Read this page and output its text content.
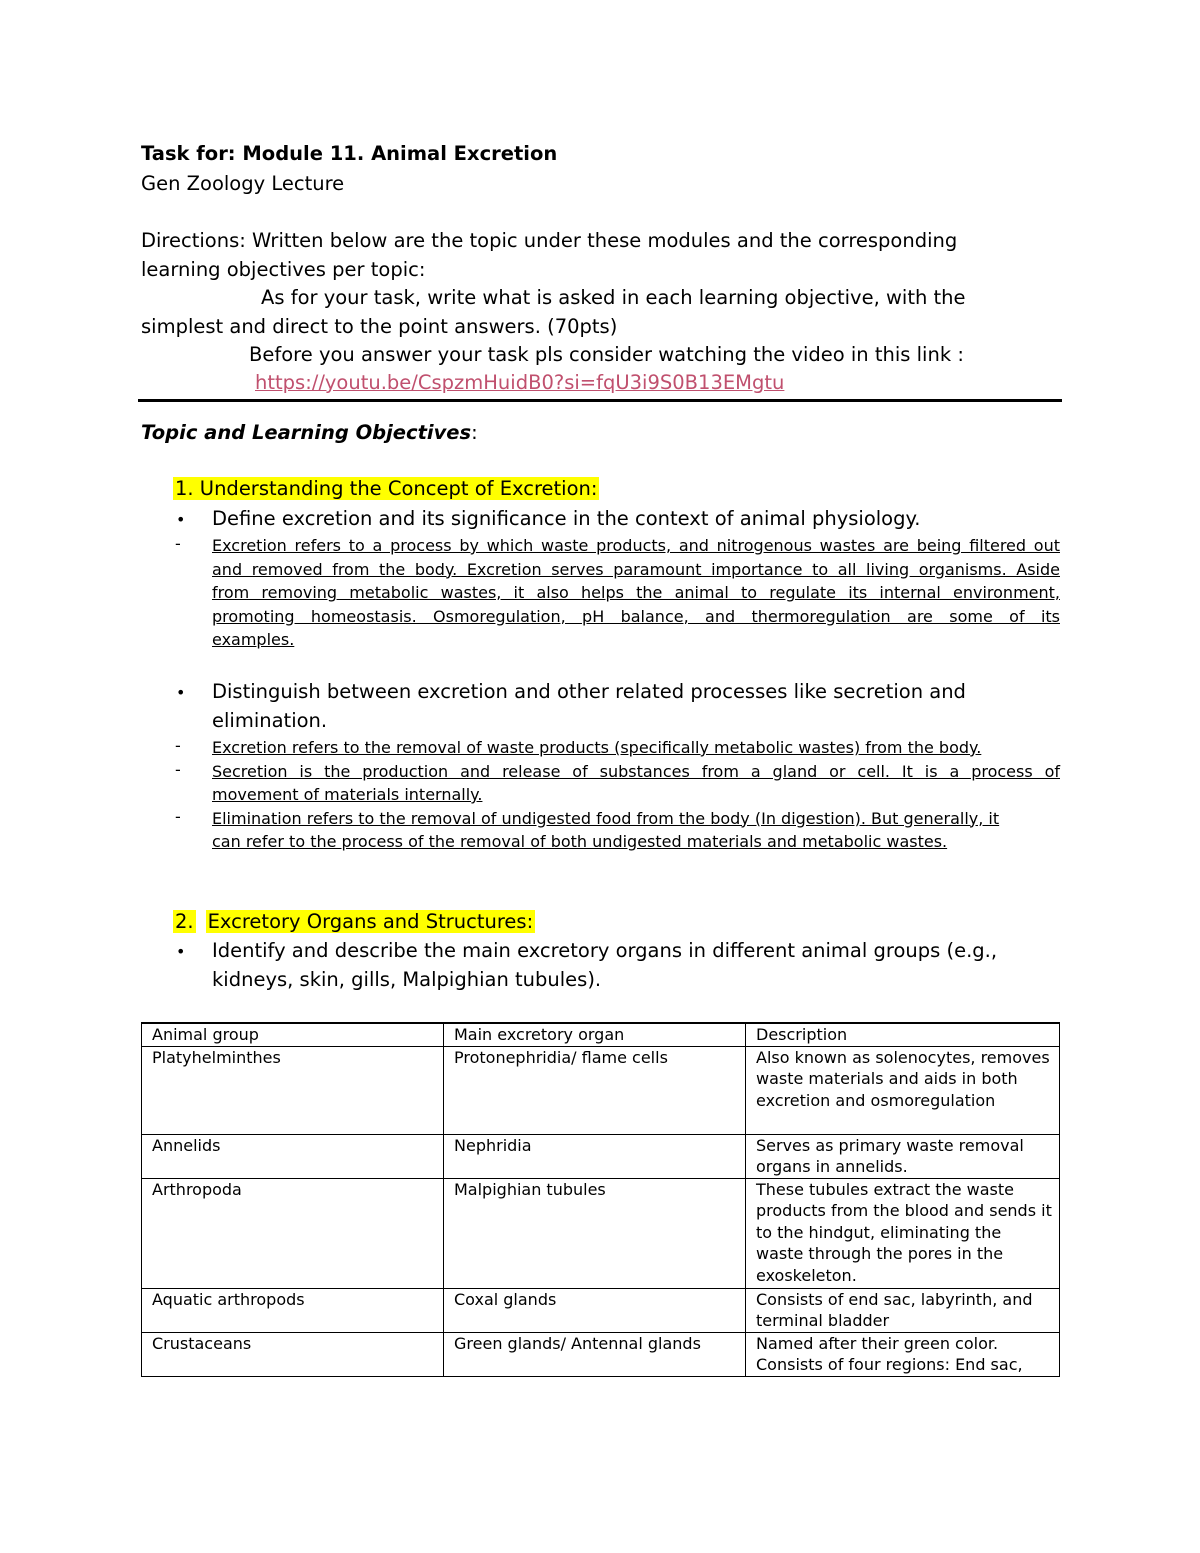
Task for: Module 11. Animal Excretion
Gen Zoology Lecture
Directions: Written below are the topic under these modules and the corresponding
learning objectives per topic:
As for your task, write what is asked in each learning objective, with the
simplest and direct to the point answers. (70pts)
Before you answer your task pls consider watching the video in this link :
https://youtu.be/CspzmHuidB0?si=fqU3i9S0B13EMgtu
Topic and Learning Objectives:
1. Understanding the Concept of Excretion:
• Define excretion and its significance in the context of animal physiology.
- Excretion refers to a process by which waste products, and nitrogenous wastes are being filtered out
and removed from the body. Excretion serves paramount importance to all living organisms. Aside
from removing metabolic wastes, it also helps the animal to regulate its internal environment,
promoting homeostasis. Osmoregulation, pH balance, and thermoregulation are some of its
examples.
• Distinguish between excretion and other related processes like secretion and
elimination.
- Excretion refers to the removal of waste products (specifically metabolic wastes) from the body.
- Secretion is the production and release of substances from a gland or cell. It is a process of
movement of materials internally.
- Elimination refers to the removal of undigested food from the body (In digestion). But generally, it
can refer to the process of the removal of both undigested materials and metabolic wastes.
2. Excretory Organs and Structures:
• Identify and describe the main excretory organs in different animal groups (e.g.,
kidneys, skin, gills, Malpighian tubules).
Animal group	Main excretory organ	Description
Platyhelminthes	Protonephridia/ flame cells	Also known as solenocytes, removes waste materials and aids in both excretion and osmoregulation
Annelids	Nephridia	Serves as primary waste removal organs in annelids.
Arthropoda	Malpighian tubules	These tubules extract the waste products from the blood and sends it to the hindgut, eliminating the waste through the pores in the exoskeleton.
Aquatic arthropods	Coxal glands	Consists of end sac, labyrinth, and terminal bladder
Crustaceans	Green glands/ Antennal glands	Named after their green color. Consists of four regions: End sac,
